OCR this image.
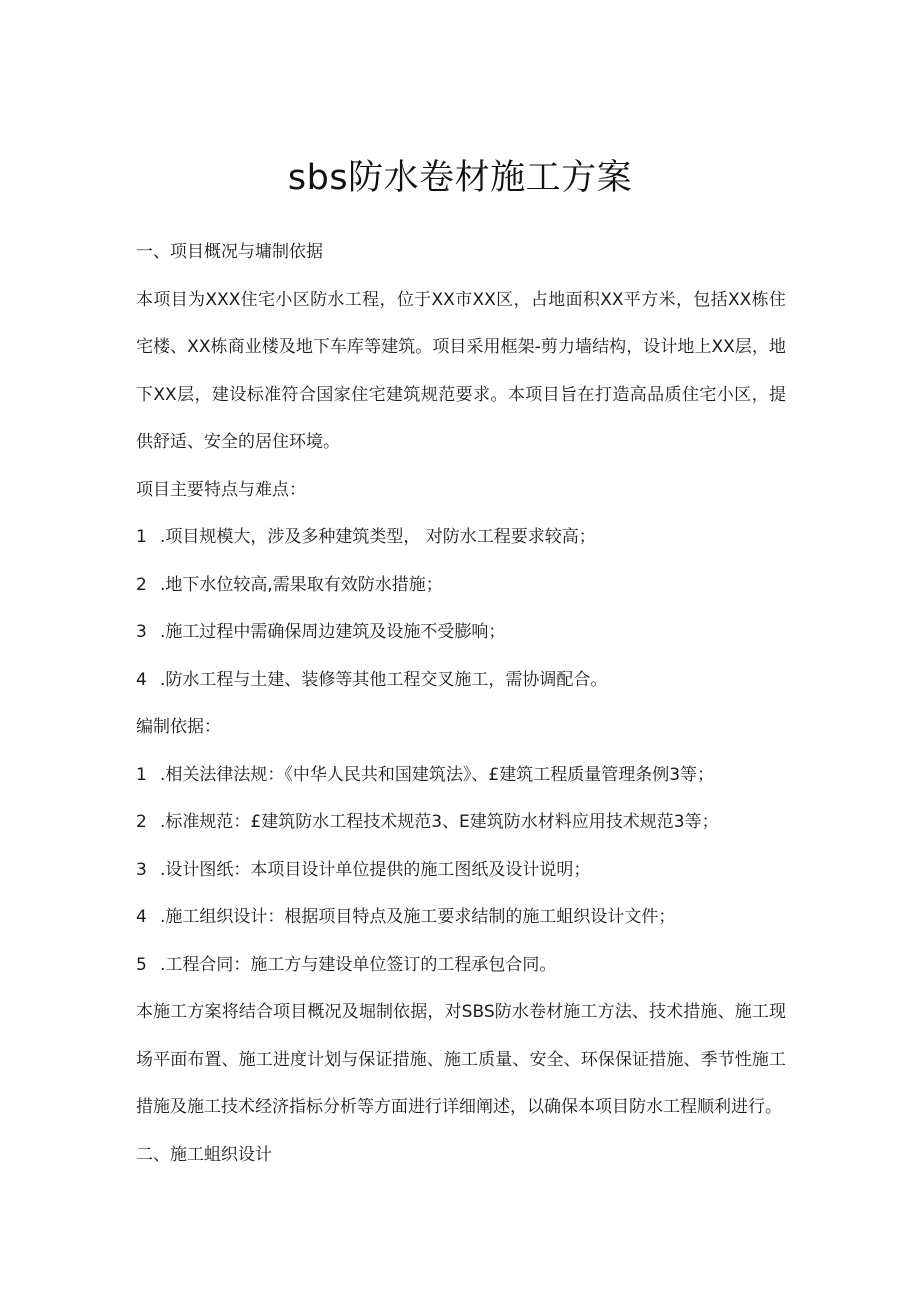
sbs防水卷材施工方案

一、项目概况与墉制依据

本项目为XXX住宅小区防水工程，位于XX市XX区，占地面积XX平方米，包括XX栋住宅楼、XX栋商业楼及地下车库等建筑。项目采用框架-剪力墙结构，设计地上XX层，地下XX层，建设标准符合国家住宅建筑规范要求。本项目旨在打造高品质住宅小区，提供舒适、安全的居住环境。

项目主要特点与难点：

1 .项目规模大，涉及多种建筑类型， 对防水工程要求较高；

2 .地下水位较高,需果取有效防水措施；

3 .施工过程中需确保周边建筑及设施不受膨响；

4 .防水工程与土建、装修等其他工程交叉施工，需协调配合。

编制依据：

1 .相关法律法规：《中华人民共和国建筑法》、£建筑工程质量管理条例3等；

2 .标准规范：£建筑防水工程技术规范3、E建筑防水材料应用技术规范3等；

3 .设计图纸：本项目设计单位提供的施工图纸及设计说明；

4 .施工组织设计：根据项目特点及施工要求结制的施工蛆织设计文件；

5 .工程合同：施工方与建设单位签订的工程承包合同。

本施工方案将结合项目概况及堀制依据，对SBS防水卷材施工方法、技术措施、施工现场平面布置、施工进度计划与保证措施、施工质量、安全、环保保证措施、季节性施工措施及施工技术经济指标分析等方面进行详细阐述，以确保本项目防水工程顺利进行。

二、施工蛆织设计
